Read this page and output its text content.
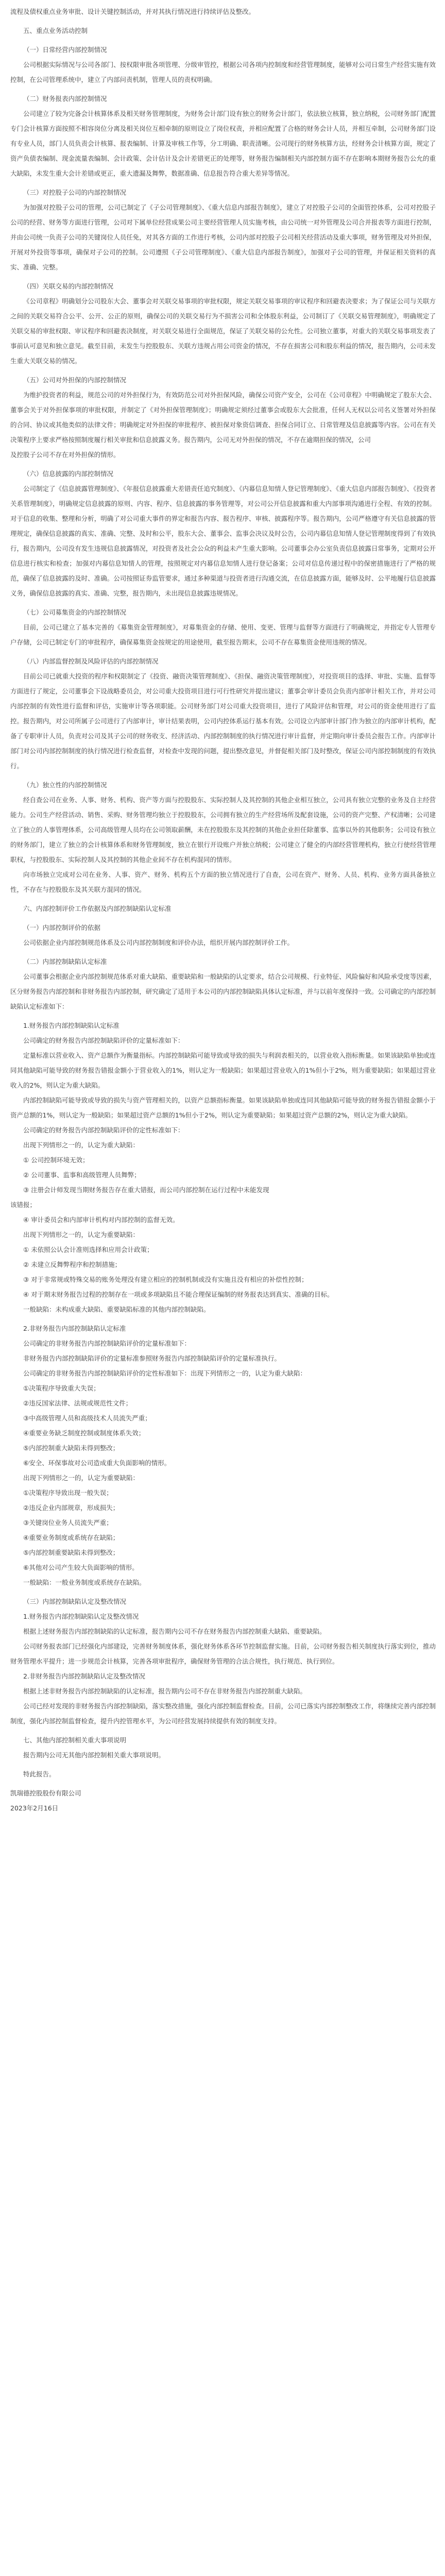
流程及债权重点业务审批、设计关键控制活动，并对其执行情况进行持续评估及整改。

五、重点业务活动控制

（一）日常经营内部控制情况

公司根据实际情况与公司各部门、按权限审批各项管理、分级审管控，根据公司各项内控制度和经营管理制度，能够对公司日常生产经营实施有效控制，在公司管理系统中，建立了内部问责机制，管理人员的责权明确。

（二）财务报表内部控制情况

公司建立了较为完备会计核算体系及相关财务管理制度，为财务会计部门设有独立的财务会计部门，依法独立核算，独立纳税，公司财务部门配置专门会计核算方面按照不相容岗位分离及相关岗位互相牵制的原则设立了岗位权责，并相应配置了合格的财务会计人员，并相互牵制，公司财务部门设有专业人员，部门人员负责会计核算、报表编制、计算及审核工作等，分工明确、职责清晰。公司现行的财务核算方法，经财务会计核算方面，规定了资产负债表编制、现金流量表编制、会计政策、会计估计及会计差错更正的处理等，财务报告编制相关内部控制方面不存在影响本期财务报告公允的重大缺陷，未发生重大会计差错或更正，重大遗漏及舞弊，数据准确、信息报告符合重大差异等情况。

（三）对控股子公司的内部控制情况

为加强对控股子公司的管理，公司已制定了《子公司管理制度》、《重大信息内部报告制度》，建立了对控股子公司的全面管控体系，公司对控股子公司的经营、财务等方面进行管理，公司对下属单位经营成果公司主要经营管理人员实施考核，由公司统一对外管理及公司合并报表等方面进行控制，并由公司统一负责子公司的关键岗位人员任免，对其各方面的工作进行考核，公司内部对控股子公司相关经营活动及重大事项，财务管理及对外担保，开展对外投资等事项，确保对子公司的控制。公司遵照《子公司管理制度》、《重大信息内部报告制度》，加强对子公司的管理，并保证相关资料的真实、准确、完整。

（四）关联交易的内部控制情况

《公司章程》明确划分公司股东大会、董事会对关联交易事项的审批权限，规定关联交易事项的审议程序和回避表决要求；为了保证公司与关联方之间的关联交易符合公平、公开、公正的原则，确保公司的关联交易行为不损害公司和全体股东利益，公司制订了《关联交易管理制度》，明确规定了关联交易的审批权限、审议程序和回避表决制度，对关联交易进行全面规范，保证了关联交易的公允性。公司独立董事，对重大的关联交易事项发表了事前认可意见和独立意见。截至目前，未发生与控股股东、关联方违规占用公司资金的情况，不存在损害公司和股东利益的情况，报告期内，公司未发生重大关联交易的情况。

（五）公司对外担保的内部控制情况

为维护投资者的利益，规范公司的对外担保行为，有效防范公司对外担保风险，确保公司资产安全，公司在《公司章程》中明确规定了股东大会、董事会关于对外担保事项的审批权限，并制定了《对外担保管理制度》；明确规定须经过董事会或股东大会批准，任何人无权以公司名义签署对外担保的合同、协议或其他类似的法律文件；明确规定对外担保的审批程序、被担保对象资信调查、担保合同订立、日常管理及信息披露等内容。公司在有关决策程序上要求严格按照制度履行相关审批和信息披露义务。报告期内，公司无对外担保的情况，不存在逾期担保的情况，公司

及控股子公司不存在对外担保的情形。

（六）信息披露的内部控制情况

公司制定了《信息披露管理制度》、《年报信息披露重大差错责任追究制度》、《内幕信息知情人登记管理制度》、《重大信息内部报告制度》、《投资者关系管理制度》，明确规定信息披露的原则、内容、程序、信息披露的事务管理等，对公司公开信息披露和重大内部事项沟通进行全程、有效的控制。对于信息的收集、整理和分析，明确了对公司重大事件的界定和报告内容、报告程序、审核、披露程序等。报告期内，公司严格遵守有关信息披露的管理规定，确保信息披露的真实、准确、完整、及时和公平，股东大会、董事会、监事会决议及时公告，公司内幕信息知情人登记管理制度得到了有效执行，报告期内，公司没有发生违规信息披露情况，对投资者及社会公众的利益未产生重大影响。公司董事会办公室负责信息披露日常事务，定期对公开信息进行核实和检查；加强对内幕信息知情人的管理，按照规定对内幕信息知情人进行登记备案；公司对信息传递过程中的保密措施进行了严格的规范，确保了信息披露的及时、准确。公司按照证券监管要求，通过多种渠道与投资者进行沟通交流，在信息披露方面，能够及时、公平地履行信息披露义务，确保信息披露的真实、准确、完整，报告期内，未出现信息披露违规情况。

（七）公司募集资金的内部控制情况

目前，公司已建立了基本完善的《募集资金管理制度》，对募集资金的存储、使用、变更、管理与监督等方面进行了明确规定，并指定专人管理专户存储，公司已制定专门的审批程序，确保募集资金按规定的用途使用，截至报告期末，公司不存在募集资金使用违规的情况。

（八）内部监督控制及风险评估的内部控制情况

目前公司已就重大投资的程序和权限制定了《投资、融资决策管理制度》、《担保、融资决策管理制度》，对投资项目的选择、审批、实施、监督等方面进行了规定，公司董事会下设战略委员会，对公司重大投资项目进行可行性研究并提出建议；董事会审计委员会负责内部审计相关工作，并对公司内部控制的有效性进行监督和评估，实施审计等各项职能。公司财务部门对公司重大投资项目，进行了风险评估和管理，对公司的资金使用进行了监控。报告期内，对公司所属子公司进行了内部审计，审计结果表明，公司内控体系运行基本有效。公司设立内部审计部门作为独立的内部审计机构，配备了专职审计人员，负责对公司及其子公司的财务收支、经济活动、内部控制制度的执行情况进行审计监督，并定期向审计委员会报告工作。内部审计部门对公司内部控制制度的执行情况进行检查监督，对检查中发现的问题，提出整改意见，并督促相关部门及时整改，保证公司内部控制制度的有效执行。

（九）独立性的内部控制情况

经自查公司在业务、人事、财务、机构、资产等方面与控股股东、实际控制人及其控制的其他企业相互独立，公司具有独立完整的业务及自主经营能力。公司生产经营活动、销售、采购、财务管理均独立于控股股东，公司拥有独立的生产经营场所及配套设施，公司的资产完整、产权清晰；公司建立了独立的人事管理体系，公司高级管理人员均在公司领取薪酬，未在控股股东及其控制的其他企业担任除董事、监事以外的其他职务；公司设有独立的财务部门，建立了独立的会计核算体系和财务管理制度，独立在银行开设账户并独立纳税；公司建立了健全的内部经营管理机构，独立行使经营管理职权，与控股股东、实际控制人及其控制的其他企业间不存在机构混同的情形。

向市场独立完成对公司在业务、人事、资产、财务、机构五个方面的独立情况进行了自查，公司在资产、财务、人员、机构、业务方面具备独立性，不存在与控股股东及其关联方混同的情况。

六、内部控制评价工作依据及内部控制缺陷认定标准

（一）内部控制评价的依据

公司依据企业内部控制规范体系及公司内部控制制度和评价办法，组织开展内部控制评价工作。

（二）内部控制缺陷认定标准

公司董事会根据企业内部控制规范体系对重大缺陷、重要缺陷和一般缺陷的认定要求，结合公司规模、行业特征、风险偏好和风险承受度等因素，区分财务报告内部控制和非财务报告内部控制，研究确定了适用于本公司的内部控制缺陷具体认定标准，并与以前年度保持一致。公司确定的内部控制缺陷认定标准如下：

1.财务报告内部控制缺陷认定标准

公司确定的财务报告内部控制缺陷评价的定量标准如下：

定量标准以营业收入、资产总额作为衡量指标。内部控制缺陷可能导致或导致的损失与利润表相关的，以营业收入指标衡量。如果该缺陷单独或连同其他缺陷可能导致的财务报告错报金额小于营业收入的1%，则认定为一般缺陷；如果超过营业收入的1%但小于2%，则为重要缺陷；如果超过营业收入的2%，则认定为重大缺陷。

内部控制缺陷可能导致或导致的损失与资产管理相关的，以资产总额指标衡量。如果该缺陷单独或连同其他缺陷可能导致的财务报告错报金额小于资产总额的1%，则认定为一般缺陷；如果超过资产总额的1%但小于2%，则认定为重要缺陷；如果超过资产总额的2%，则认定为重大缺陷。

公司确定的财务报告内部控制缺陷评价的定性标准如下：

出现下列情形之一的，认定为重大缺陷：

① 公司控制环境无效；

② 公司董事、监事和高级管理人员舞弊；

③ 注册会计师发现当期财务报告存在重大错报，而公司内部控制在运行过程中未能发现

该错报；

④ 审计委员会和内部审计机构对内部控制的监督无效。

出现下列情形之一的，认定为重要缺陷：

① 未依照公认会计准则选择和应用会计政策；

② 未建立反舞弊程序和控制措施；

③ 对于非常规或特殊交易的账务处理没有建立相应的控制机制或没有实施且没有相应的补偿性控制；

④ 对于期末财务报告过程的控制存在一项或多项缺陷且不能合理保证编制的财务报表达到真实、准确的目标。

一般缺陷：未构成重大缺陷、重要缺陷标准的其他内部控制缺陷。

2.非财务报告内部控制缺陷认定标准

公司确定的非财务报告内部控制缺陷评价的定量标准如下：

非财务报告内部控制缺陷评价的定量标准参照财务报告内部控制缺陷评价的定量标准执行。

公司确定的非财务报告内部控制缺陷评价的定性标准如下：出现下列情形之一的，认定为重大缺陷：

①决策程序导致重大失误；

②违反国家法律、法规或规范性文件；

③中高级管理人员和高级技术人员流失严重；

④重要业务缺乏制度控制或制度体系失效；

⑤内部控制重大缺陷未得到整改；

⑥安全、环保事故对公司造成重大负面影响的情形。

出现下列情形之一的，认定为重要缺陷：

①决策程序导致出现一般失误；

②违反企业内部规章，形成损失；

③关键岗位业务人员流失严重；

④重要业务制度或系统存在缺陷；

⑤内部控制重要缺陷未得到整改；

⑥其他对公司产生较大负面影响的情形。

一般缺陷：一般业务制度或系统存在缺陷。

（三）内部控制缺陷认定及整改情况

1.财务报告内部控制缺陷认定及整改情况

根据上述财务报告内部控制缺陷的认定标准，报告期内公司不存在财务报告内部控制重大缺陷、重要缺陷。

公司财务报表部门已经强化内部建设，完善财务制度体系，强化财务体系各环节控制监督实施。目前，公司财务报告相关制度执行落实到位，推动财务管理水平提升；进一步规范会计核算，完善各项审批程序，确保财务管理的合法合规性，执行规范、执行到位。

2.非财务报告内部控制缺陷认定及整改情况

根据上述非财务报告内部控制缺陷的认定标准，报告期内公司不存在非财务报告内部控制重大缺陷。

公司已经对发现的非财务报告内部控制缺陷，落实整改措施，强化内部控制监督检查。目前，公司已落实内部控制整改工作，将继续完善内部控制制度，强化内部控制监督检查，提升内控管理水平，为公司经营发展持续提供有效的制度支持。

七、其他内部控制相关重大事项说明

报告期内公司无其他内部控制相关重大事项说明。

特此报告。

凯瑞德控股股份有限公司

2023年2月16日
